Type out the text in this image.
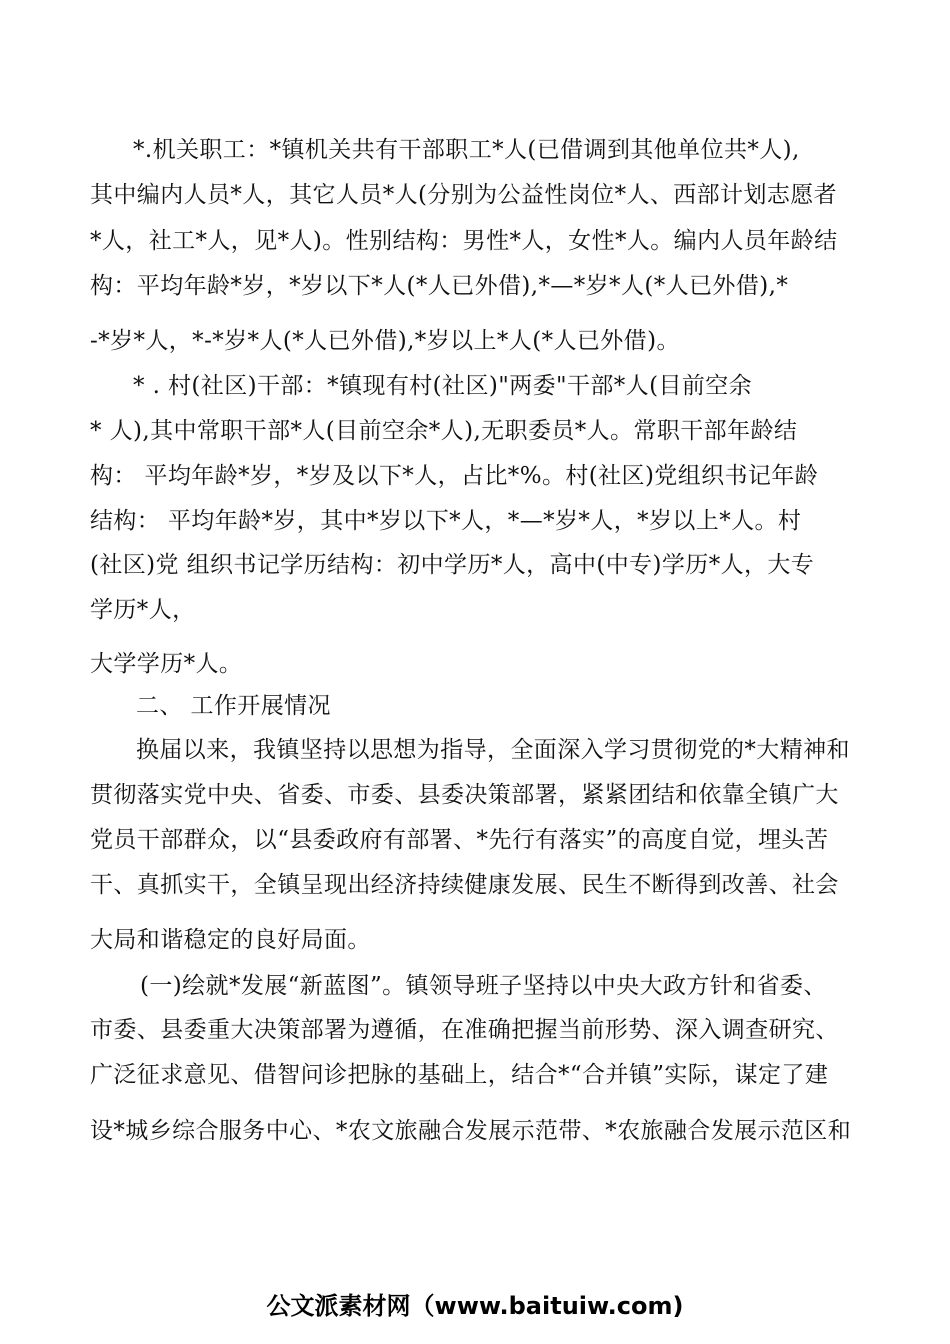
*.机关职工：*镇机关共有干部职工*人(已借调到其他单位共*人),
其中编内人员*人，其它人员*人(分别为公益性岗位*人、西部计划志愿者
*人，社工*人，见*人)。性别结构：男性*人，女性*人。编内人员年龄结
构：平均年龄*岁，*岁以下*人(*人已外借),*—*岁*人(*人已外借),*
-*岁*人，*-*岁*人(*人已外借),*岁以上*人(*人已外借)。
* . 村(社区)干部：*镇现有村(社区)"两委"干部*人(目前空余
* 人),其中常职干部*人(目前空余*人),无职委员*人。常职干部年龄结
构： 平均年龄*岁，*岁及以下*人，占比*%。村(社区)党组织书记年龄
结构： 平均年龄*岁，其中*岁以下*人，*—*岁*人，*岁以上*人。村
(社区)党 组织书记学历结构：初中学历*人，高中(中专)学历*人，大专
学历*人，
大学学历*人。
二、 工作开展情况
换届以来，我镇坚持以思想为指导，全面深入学习贯彻党的*大精神和
贯彻落实党中央、省委、市委、县委决策部署，紧紧团结和依靠全镇广大
党员干部群众，以“县委政府有部署、*先行有落实”的高度自觉，埋头苦
干、真抓实干，全镇呈现出经济持续健康发展、民生不断得到改善、社会
大局和谐稳定的良好局面。
(一)绘就*发展“新蓝图”。镇领导班子坚持以中央大政方针和省委、
市委、县委重大决策部署为遵循，在准确把握当前形势、深入调查研究、
广泛征求意见、借智问诊把脉的基础上，结合*“合并镇”实际，谋定了建
设*城乡综合服务中心、*农文旅融合发展示范带、*农旅融合发展示范区和
公文派素材网（www.baituiw.com)
